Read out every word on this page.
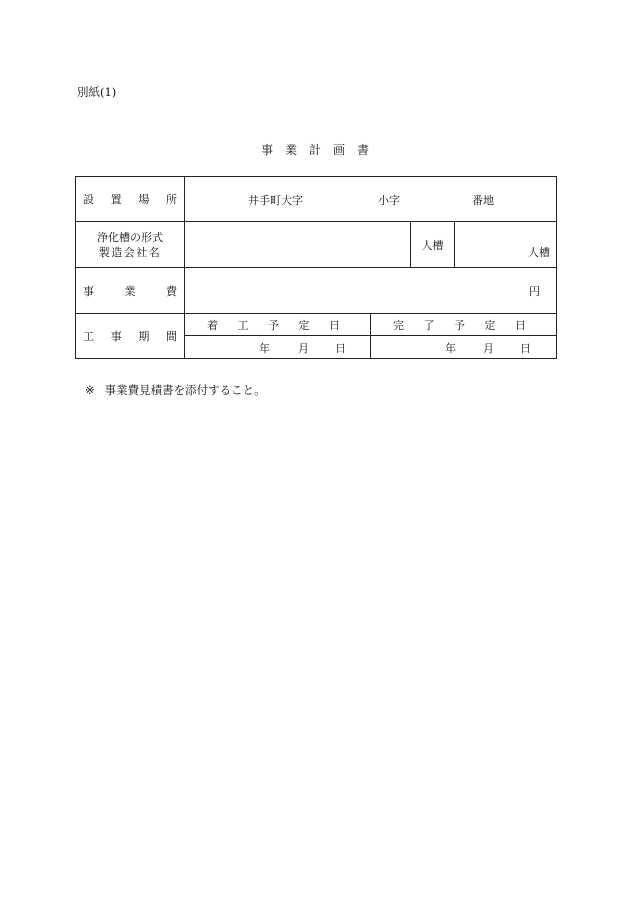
別紙(1)
事　業　計　画　書
設 置 場 所	井手町大字 小字 番地			

浄化槽の形式
製造会社名			人槽	人槽

事 業 費	円			

工 事 期 間	着 工 予 定 日	完 了 予 定 日		

	年 月 日	年 月 日		
※ 事業費見積書を添付すること。
